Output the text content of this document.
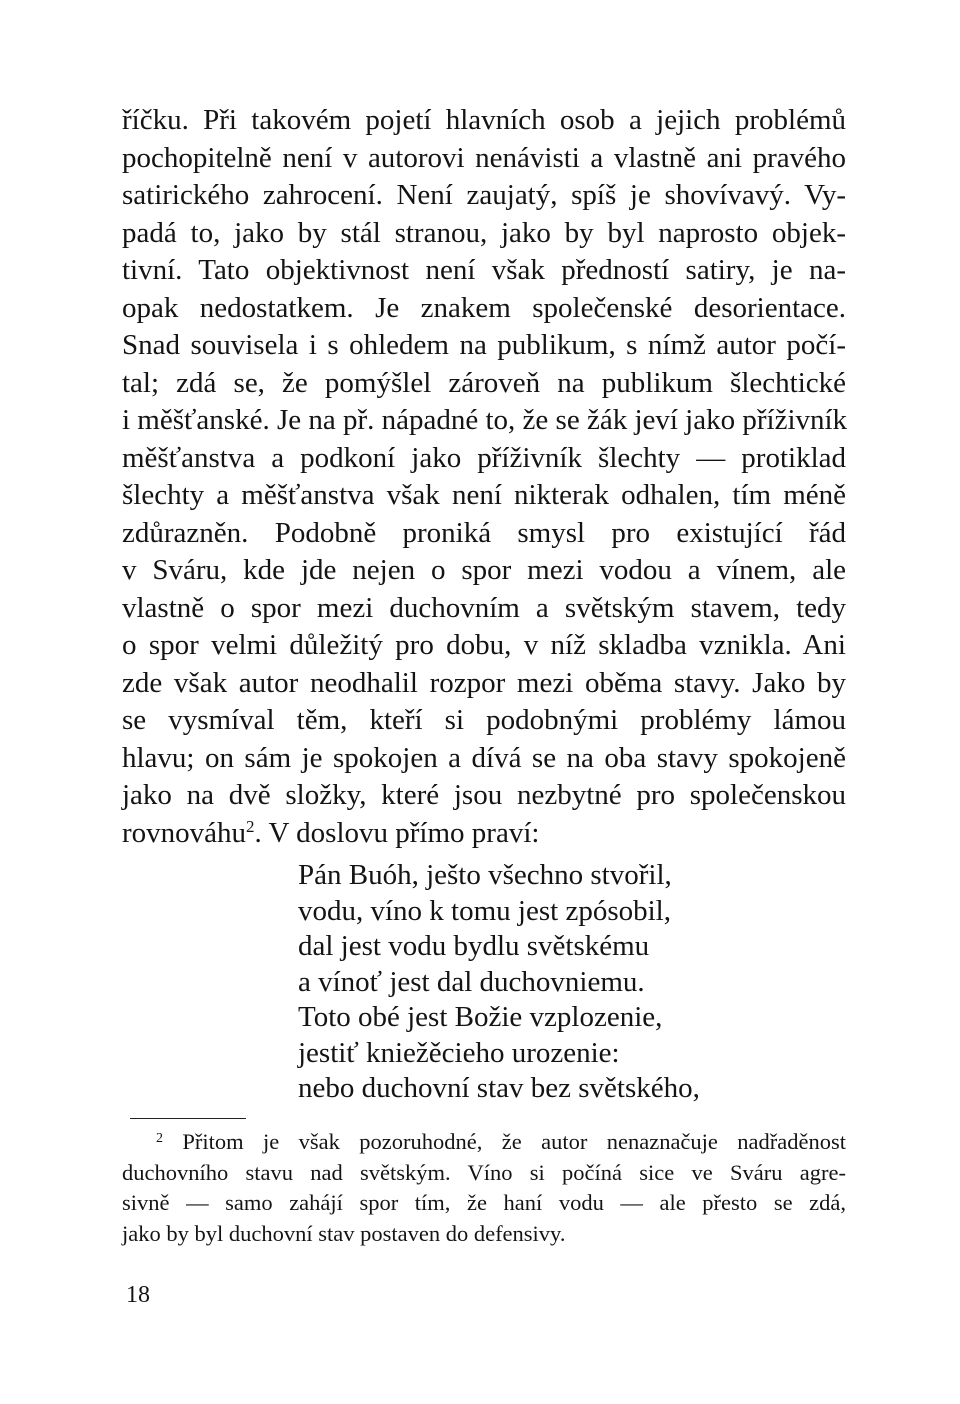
říčku. Při takovém pojetí hlavních osob a jejich problémů
pochopitelně není v autorovi nenávisti a vlastně ani pravého
satirického zahrocení. Není zaujatý, spíš je shovívavý. Vy-
padá to, jako by stál stranou, jako by byl naprosto objek-
tivní. Tato objektivnost není však předností satiry, je na-
opak nedostatkem. Je znakem společenské desorientace.
Snad souvisela i s ohledem na publikum, s nímž autor počí-
tal; zdá se, že pomýšlel zároveň na publikum šlechtické
i měšťanské. Je na př. nápadné to, že se žák jeví jako příživník
měšťanstva a podkoní jako příživník šlechty — protiklad
šlechty a měšťanstva však není nikterak odhalen, tím méně
zdůrazněn. Podobně proniká smysl pro existující řád
v Sváru, kde jde nejen o spor mezi vodou a vínem, ale
vlastně o spor mezi duchovním a světským stavem, tedy
o spor velmi důležitý pro dobu, v níž skladba vznikla. Ani
zde však autor neodhalil rozpor mezi oběma stavy. Jako by
se vysmíval těm, kteří si podobnými problémy lámou
hlavu; on sám je spokojen a dívá se na oba stavy spokojeně
jako na dvě složky, které jsou nezbytné pro společenskou
rovnováhu$^2$. V doslovu přímo praví:
Pán Buóh, ješto všechno stvořil,
vodu, víno k tomu jest zpósobil,
dal jest vodu bydlu světskému
a vínoť jest dal duchovniemu.
Toto obé jest Božie vzplozenie,
jestiť kniežěcieho urozenie:
nebo duchovní stav bez světského,
$^2$ Přitom je však pozoruhodné, že autor nenaznačuje nadřaděnost
duchovního stavu nad světským. Víno si počíná sice ve Sváru agre-
sivně — samo zahájí spor tím, že haní vodu — ale přesto se zdá,
jako by byl duchovní stav postaven do defensivy.
18
